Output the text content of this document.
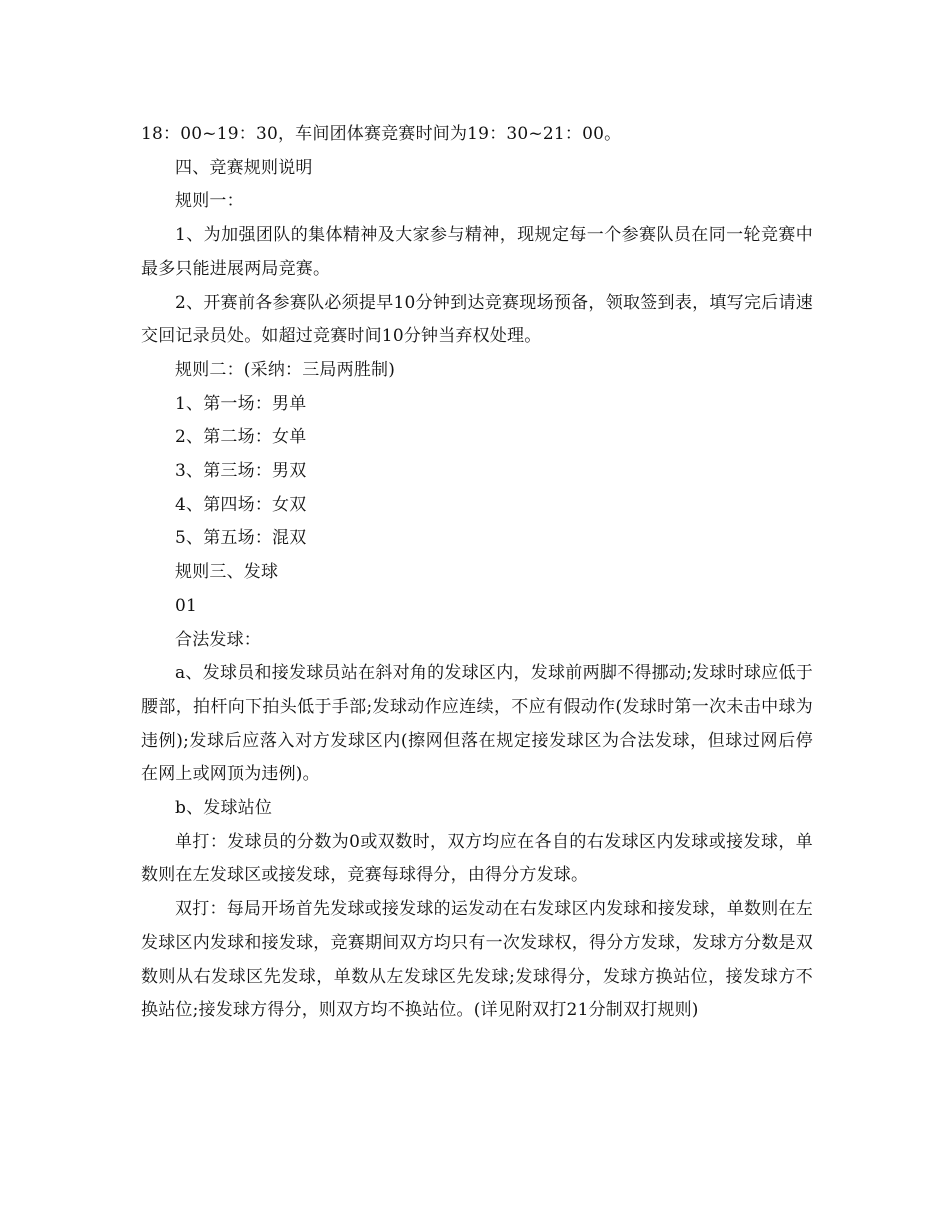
18：00~19：30，车间团体赛竞赛时间为19：30~21：00。

四、竞赛规则说明

规则一：

1、为加强团队的集体精神及大家参与精神，现规定每一个参赛队员在同一轮竞赛中最多只能进展两局竞赛。

2、开赛前各参赛队必须提早10分钟到达竞赛现场预备，领取签到表，填写完后请速交回记录员处。如超过竞赛时间10分钟当弃权处理。

规则二：(采纳：三局两胜制)

1、第一场：男单

2、第二场：女单

3、第三场：男双

4、第四场：女双

5、第五场：混双

规则三、发球

01

合法发球：

a、发球员和接发球员站在斜对角的发球区内，发球前两脚不得挪动;发球时球应低于腰部，拍杆向下拍头低于手部;发球动作应连续，不应有假动作(发球时第一次未击中球为违例);发球后应落入对方发球区内(擦网但落在规定接发球区为合法发球，但球过网后停在网上或网顶为违例)。

b、发球站位

单打：发球员的分数为0或双数时，双方均应在各自的右发球区内发球或接发球，单数则在左发球区或接发球，竞赛每球得分，由得分方发球。

双打：每局开场首先发球或接发球的运发动在右发球区内发球和接发球，单数则在左发球区内发球和接发球，竞赛期间双方均只有一次发球权，得分方发球，发球方分数是双数则从右发球区先发球，单数从左发球区先发球;发球得分，发球方换站位，接发球方不换站位;接发球方得分，则双方均不换站位。(详见附双打21分制双打规则)
